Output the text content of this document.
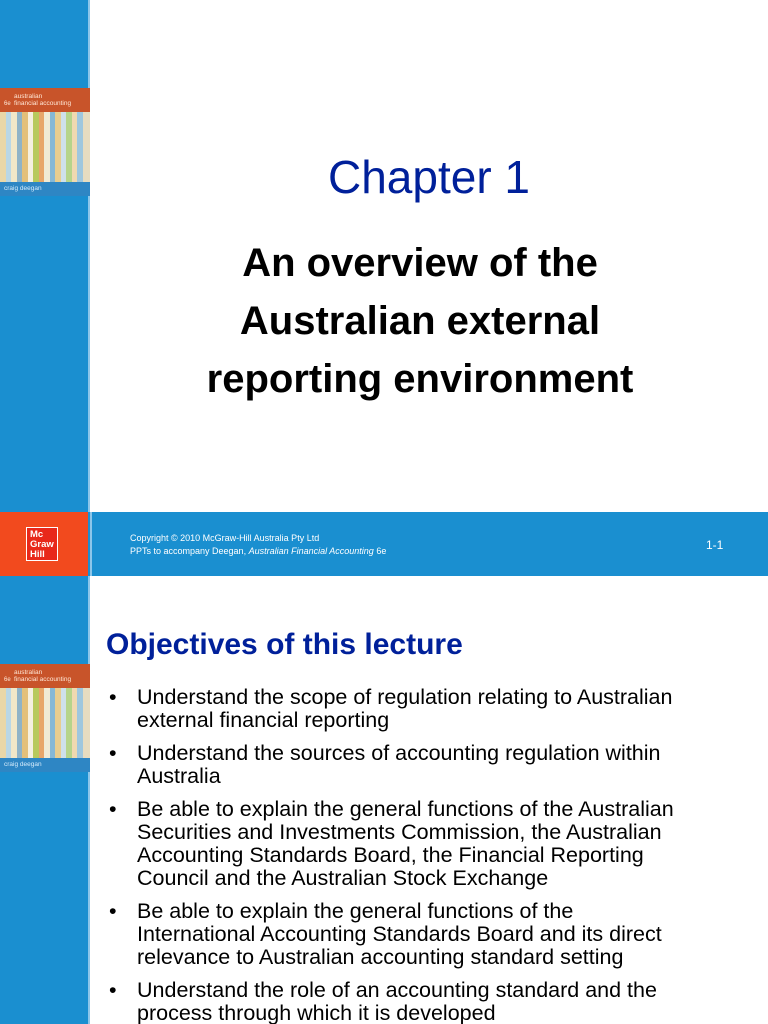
6e
australian
financial accounting
craig deegan	Chapter 1
An overview of the
Australian external
reporting environment
Mc
Graw
Hill
Copyright © 2010 McGraw-Hill Australia Pty Ltd
PPTs to accompany Deegan, Australian Financial Accounting 6e	1-1
6e
australian
financial accounting
craig deegan
Objectives of this lecture
• Understand the scope of regulation relating to Australian
external financial reporting
• Understand the sources of accounting regulation within
Australia
• Be able to explain the general functions of the Australian
Securities and Investments Commission, the Australian
Accounting Standards Board, the Financial Reporting
Council and the Australian Stock Exchange
• Be able to explain the general functions of the
International Accounting Standards Board and its direct
relevance to Australian accounting standard setting
• Understand the role of an accounting standard and the
process through which it is developed
